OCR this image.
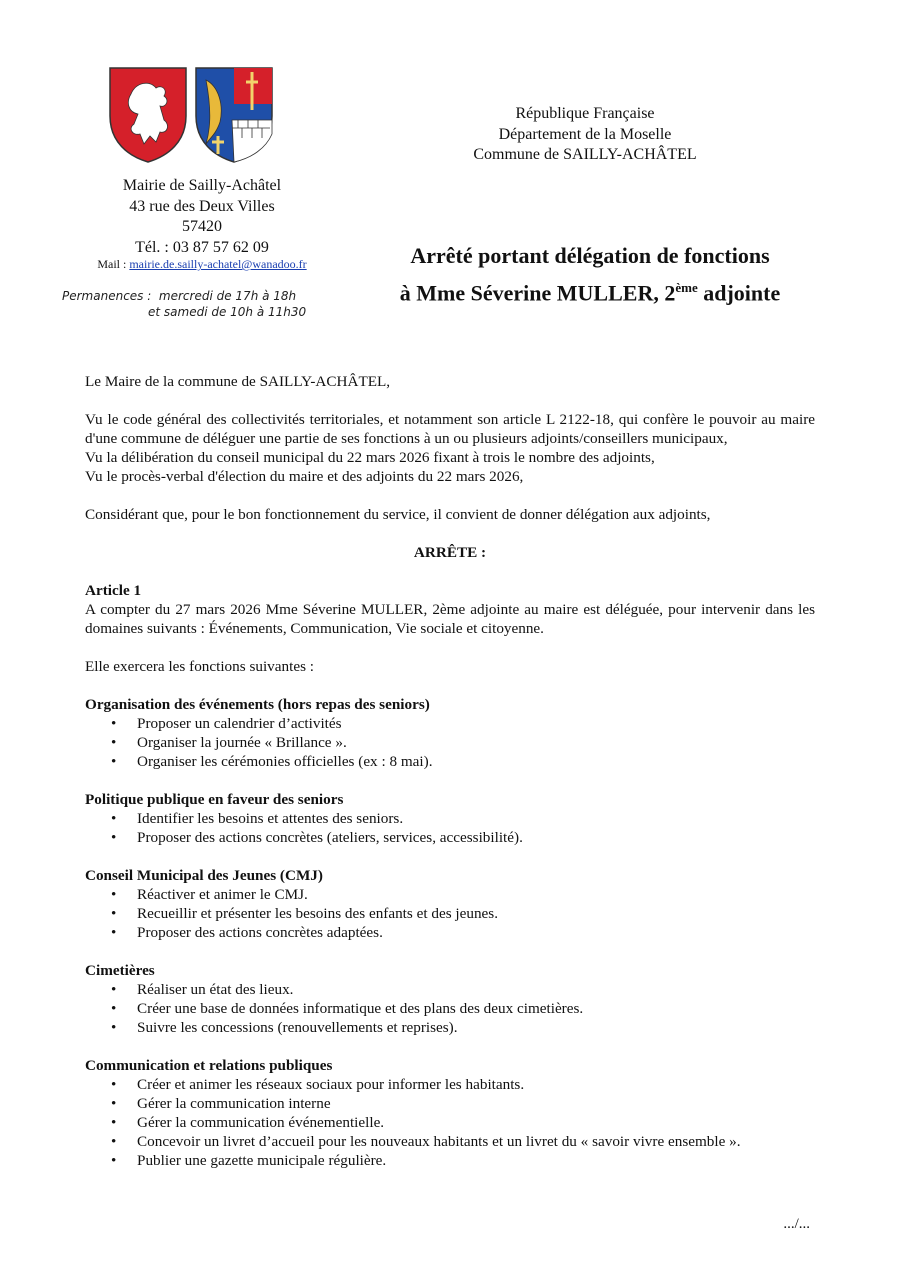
Mairie de Sailly-Achâtel
43 rue des Deux Villes
57420
Tél. : 03 87 57 62 09
Mail : mairie.de.sailly-achatel@wanadoo.fr
Permanences : mercredi de 17h à 18h
et samedi de 10h à 11h30
République Française
Département de la Moselle
Commune de SAILLY-ACHÂTEL
Arrêté portant délégation de fonctions
à Mme Séverine MULLER, 2ème adjointe

Le Maire de la commune de SAILLY-ACHÂTEL,

Vu le code général des collectivités territoriales, et notamment son article L 2122-18, qui confère le pouvoir au maire d'une commune de déléguer une partie de ses fonctions à un ou plusieurs adjoints/conseillers municipaux,

Vu la délibération du conseil municipal du 22 mars 2026 fixant à trois le nombre des adjoints,

Vu le procès-verbal d'élection du maire et des adjoints du 22 mars 2026,

Considérant que, pour le bon fonctionnement du service, il convient de donner délégation aux adjoints,

ARRÊTE :

Article 1

A compter du 27 mars 2026 Mme Séverine MULLER, 2ème adjointe au maire est déléguée, pour intervenir dans les domaines suivants : Événements, Communication, Vie sociale et citoyenne.

Elle exercera les fonctions suivantes :

Organisation des événements (hors repas des seniors)
• Proposer un calendrier d’activités
• Organiser la journée « Brillance ».
• Organiser les cérémonies officielles (ex : 8 mai).
Politique publique en faveur des seniors
• Identifier les besoins et attentes des seniors.
• Proposer des actions concrètes (ateliers, services, accessibilité).
Conseil Municipal des Jeunes (CMJ)
• Réactiver et animer le CMJ.
• Recueillir et présenter les besoins des enfants et des jeunes.
• Proposer des actions concrètes adaptées.
Cimetières
• Réaliser un état des lieux.
• Créer une base de données informatique et des plans des deux cimetières.
• Suivre les concessions (renouvellements et reprises).
Communication et relations publiques
• Créer et animer les réseaux sociaux pour informer les habitants.
• Gérer la communication interne
• Gérer la communication événementielle.
• Concevoir un livret d’accueil pour les nouveaux habitants et un livret du « savoir vivre ensemble ».
• Publier une gazette municipale régulière.
.../...
